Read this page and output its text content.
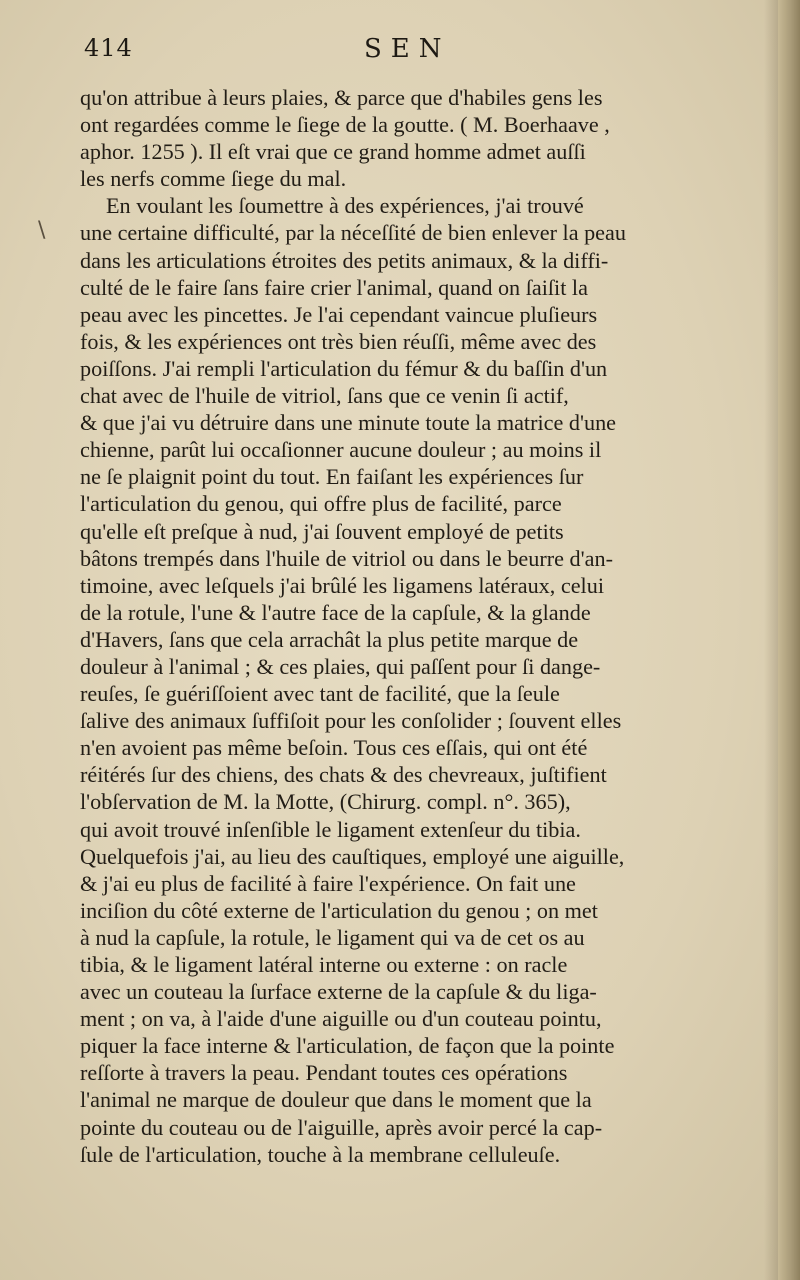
414	SEN
\
qu'on attribue à leurs plaies, & parce que d'habiles gens les
ont regardées comme le ſiege de la goutte. ( M. Boerhaave ,
aphor. 1255 ). Il eſt vrai que ce grand homme admet auſſi
les nerfs comme ſiege du mal.
En voulant les ſoumettre à des expériences, j'ai trouvé
une certaine difficulté, par la néceſſité de bien enlever la peau
dans les articulations étroites des petits animaux, & la diffi-
culté de le faire ſans faire crier l'animal, quand on ſaiſit la
peau avec les pincettes. Je l'ai cependant vaincue pluſieurs
fois, & les expériences ont très bien réuſſi, même avec des
poiſſons. J'ai rempli l'articulation du fémur & du baſſin d'un
chat avec de l'huile de vitriol, ſans que ce venin ſi actif,
& que j'ai vu détruire dans une minute toute la matrice d'une
chienne, parût lui occaſionner aucune douleur ; au moins il
ne ſe plaignit point du tout. En faiſant les expériences ſur
l'articulation du genou, qui offre plus de facilité, parce
qu'elle eſt preſque à nud, j'ai ſouvent employé de petits
bâtons trempés dans l'huile de vitriol ou dans le beurre d'an-
timoine, avec leſquels j'ai brûlé les ligamens latéraux, celui
de la rotule, l'une & l'autre face de la capſule, & la glande
d'Havers, ſans que cela arrachât la plus petite marque de
douleur à l'animal ; & ces plaies, qui paſſent pour ſi dange-
reuſes, ſe guériſſoient avec tant de facilité, que la ſeule
ſalive des animaux ſuffiſoit pour les conſolider ; ſouvent elles
n'en avoient pas même beſoin. Tous ces eſſais, qui ont été
réitérés ſur des chiens, des chats & des chevreaux, juſtifient
l'obſervation de M. la Motte, (Chirurg. compl. n°. 365),
qui avoit trouvé inſenſible le ligament extenſeur du tibia.
Quelquefois j'ai, au lieu des cauſtiques, employé une aiguille,
& j'ai eu plus de facilité à faire l'expérience. On fait une
inciſion du côté externe de l'articulation du genou ; on met
à nud la capſule, la rotule, le ligament qui va de cet os au
tibia, & le ligament latéral interne ou externe : on racle
avec un couteau la ſurface externe de la capſule & du liga-
ment ; on va, à l'aide d'une aiguille ou d'un couteau pointu,
piquer la face interne & l'articulation, de façon que la pointe
reſſorte à travers la peau. Pendant toutes ces opérations
l'animal ne marque de douleur que dans le moment que la
pointe du couteau ou de l'aiguille, après avoir percé la cap-
ſule de l'articulation, touche à la membrane celluleuſe.
